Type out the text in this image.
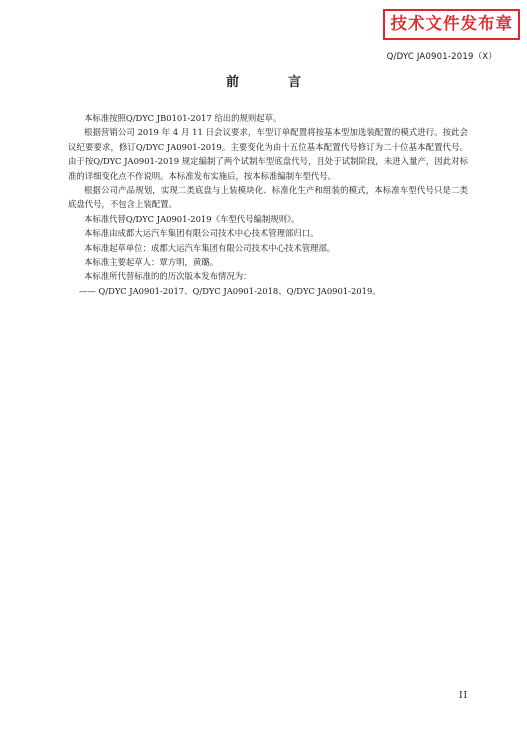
技术文件发布章
Q/DYC JA0901-2019（X）
前　言

本标准按照Q/DYC JB0101-2017 给出的规则起草。

根据营销公司 2019 年 4 月 11 日会议要求，车型订单配置将按基本型加选装配置的模式进行。按此会议纪要要求，修订Q/DYC JA0901-2019。主要变化为由十五位基本配置代号修订为二十位基本配置代号。由于按Q/DYC JA0901-2019 规定编制了两个试制车型底盘代号，且处于试制阶段，未进入量产，因此对标准的详细变化点不作说明。本标准发布实施后，按本标准编制车型代号。

根据公司产品规划，实现二类底盘与上装模块化、标准化生产和组装的模式，本标准车型代号只是二类底盘代号，不包含上装配置。

本标准代替Q/DYC JA0901-2019《车型代号编制规则》。

本标准由成都大运汽车集团有限公司技术中心技术管理部归口。

本标准起草单位：成都大运汽车集团有限公司技术中心技术管理部。

本标准主要起草人：覃方明，黄璐。

本标准所代替标准的的历次版本发布情况为：

—— Q/DYC JA0901-2017、Q/DYC JA0901-2018、Q/DYC JA0901-2019。

II
